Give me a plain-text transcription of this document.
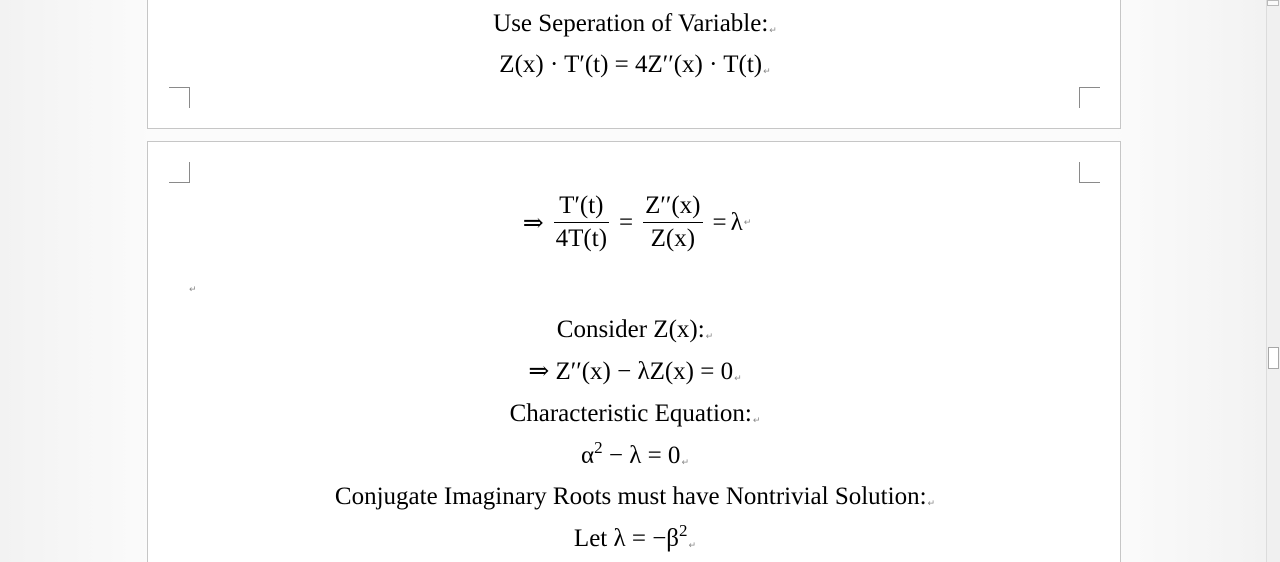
Use Seperation of Variable:↵
Z(x) · T′(t) = 4Z′′(x) · T(t)↵
⇒ $\frac{T'(t)}{4T(t)} = \frac{Z''(x)}{Z(x)} = \lambda$ ↵
↵
Consider Z(x):↵
⇒ Z′′(x) − λZ(x) = 0↵
Characteristic Equation:↵
$\alpha^2 - \lambda$ = 0↵
Conjugate Imaginary Roots must have Nontrivial Solution:↵
Let $\lambda = -\beta^2↵$
